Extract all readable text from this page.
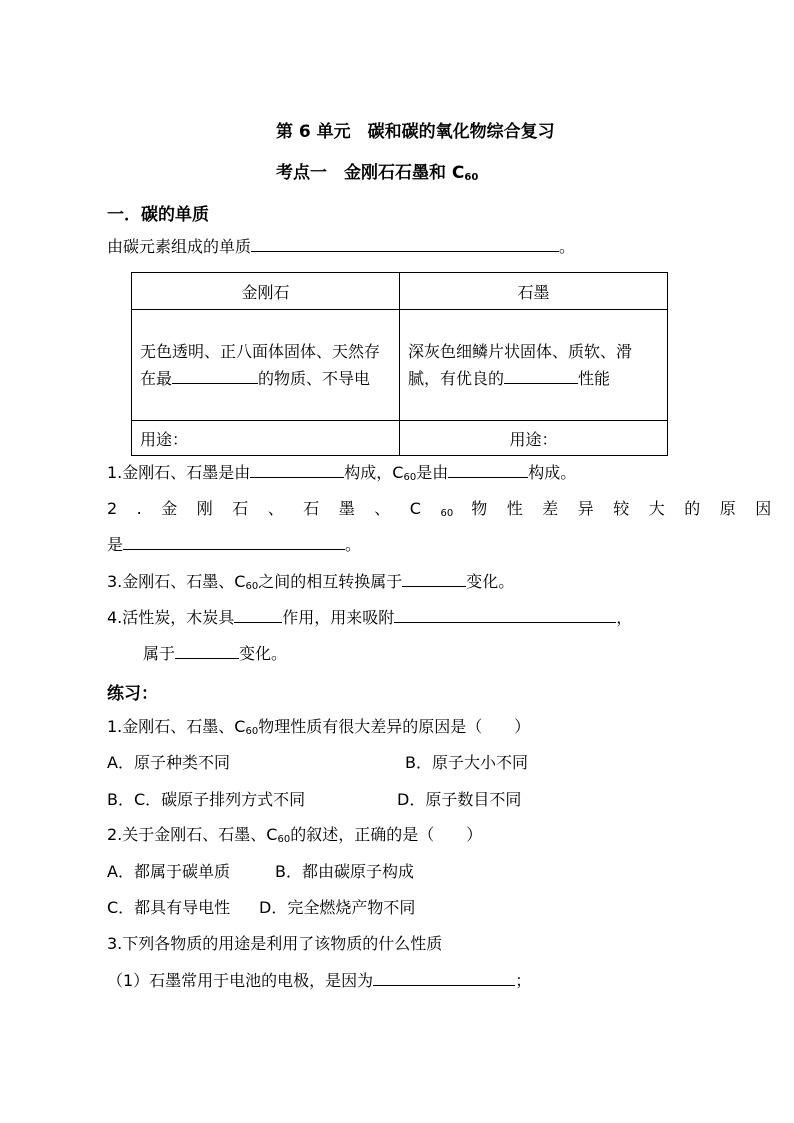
第 6 单元　碳和碳的氧化物综合复习
考点一　金刚石石墨和 $C_{60}$
一．碳的单质
由碳元素组成的单质	。
金刚石	石墨
无色透明、正八面体固体、天然存在最 的物质、不导电	深灰色细鳞片状固体、质软、滑腻，有优良的 性能
用途：	用途：
1.金刚石、石墨是由	构成，$C_{60}$是由	构成。
2.金刚石、石墨、$C_{60}$ 物性差异较大的原因
是	。
3.金刚石、石墨、$C_{60}$之间的相互转换属于	变化。
4.活性炭，木炭具	作用，用来吸附	，
属于	变化。
练习：
1.金刚石、石墨、$C_{60}$物理性质有很大差异的原因是（　　）
A．原子种类不同	B．原子大小不同
B．C．碳原子排列方式不同	D．原子数目不同
2.关于金刚石、石墨、$C_{60}$的叙述，正确的是（　　）
A．都属于碳单质	B．都由碳原子构成
C．都具有导电性 D．完全燃烧产物不同
3.下列各物质的用途是利用了该物质的什么性质
（1）石墨常用于电池的电极，是因为	；
